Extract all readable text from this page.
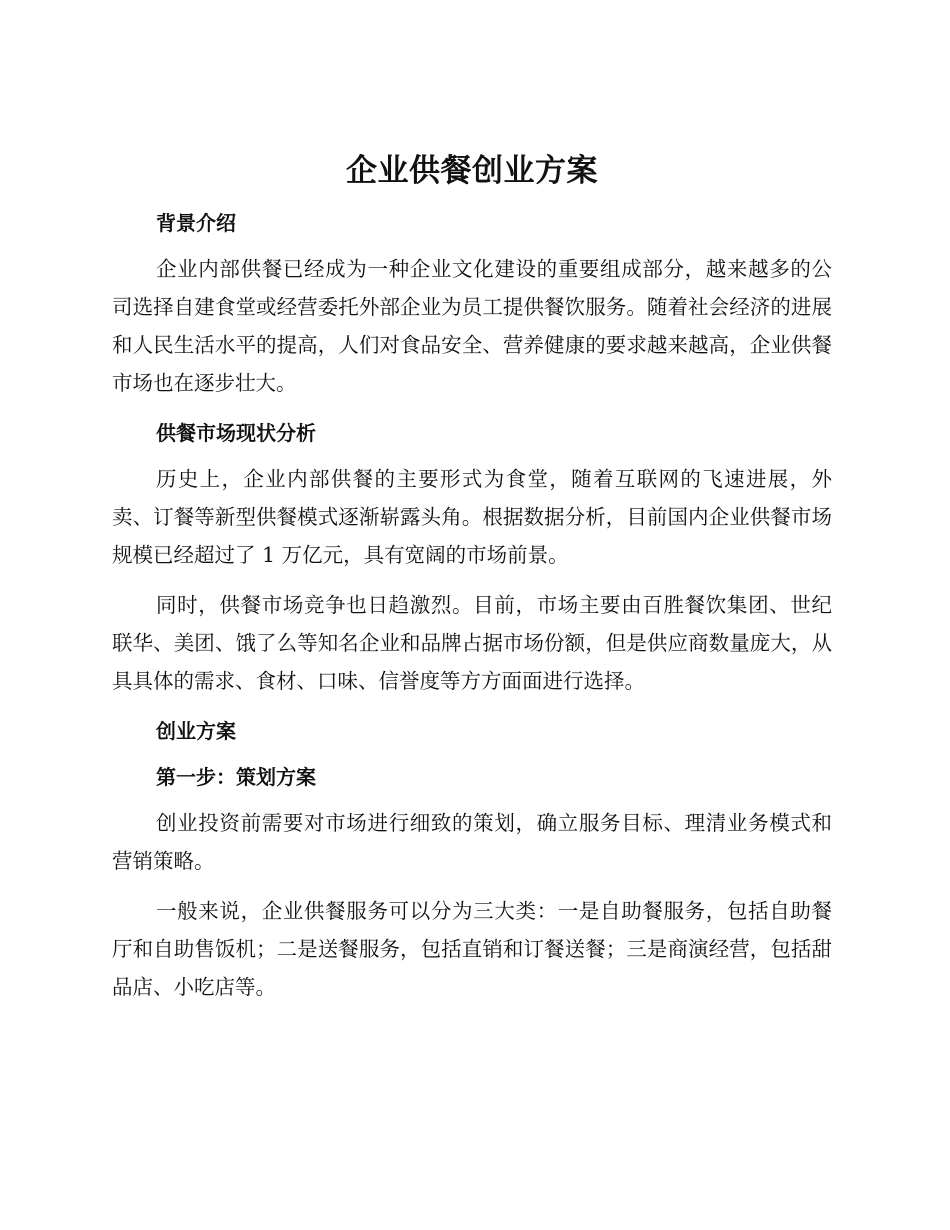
企业供餐创业方案
背景介绍

企业内部供餐已经成为一种企业文化建设的重要组成部分，越来越多的公司选择自建食堂或经营委托外部企业为员工提供餐饮服务。随着社会经济的进展和人民生活水平的提高，人们对食品安全、营养健康的要求越来越高，企业供餐市场也在逐步壮大。

供餐市场现状分析

历史上，企业内部供餐的主要形式为食堂，随着互联网的飞速进展，外卖、订餐等新型供餐模式逐渐崭露头角。根据数据分析，目前国内企业供餐市场规模已经超过了 1 万亿元，具有宽阔的市场前景。

同时，供餐市场竞争也日趋激烈。目前，市场主要由百胜餐饮集团、世纪联华、美团、饿了么等知名企业和品牌占据市场份额，但是供应商数量庞大，从具具体的需求、食材、口味、信誉度等方方面面进行选择。

创业方案
第一步：策划方案

创业投资前需要对市场进行细致的策划，确立服务目标、理清业务模式和营销策略。

一般来说，企业供餐服务可以分为三大类：一是自助餐服务，包括自助餐厅和自助售饭机；二是送餐服务，包括直销和订餐送餐；三是商演经营，包括甜品店、小吃店等。
